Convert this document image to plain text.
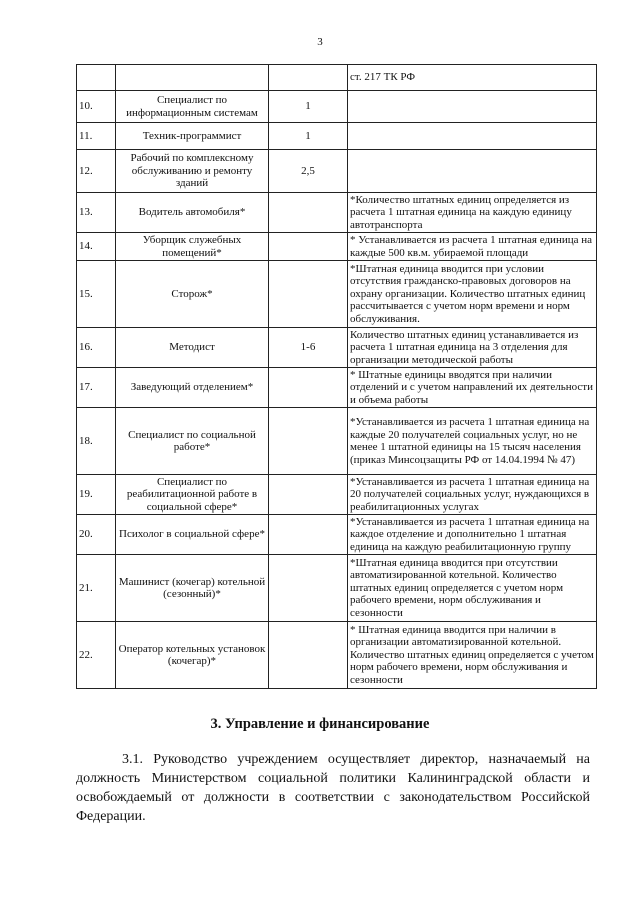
3
			ст. 217 ТК РФ
10.	Специалист по информационным системам	1	
11.	Техник-программист	1	
12.	Рабочий по комплексному обслуживанию и ремонту зданий	2,5	
13.	Водитель автомобиля*		*Количество штатных единиц определяется из расчета 1 штатная единица на каждую единицу автотранспорта
14.	Уборщик служебных помещений*		* Устанавливается из расчета 1 штатная единица на каждые 500 кв.м. убираемой площади
15.	Сторож*		*Штатная единица вводится при условии отсутствия гражданско-правовых договоров на охрану организации. Количество штатных единиц рассчитывается с учетом норм времени и норм обслуживания.
16.	Методист	1-6	Количество штатных единиц устанавливается из расчета 1 штатная единица на 3 отделения для организации методической работы
17.	Заведующий отделением*		* Штатные единицы вводятся при наличии отделений и с учетом направлений их деятельности и объема работы
18.	Специалист по социальной работе*		*Устанавливается из расчета 1 штатная единица на каждые 20 получателей социальных услуг, но не менее 1 штатной единицы на 15 тысяч населения (приказ Минсоцзащиты РФ от 14.04.1994 № 47)
19.	Специалист по реабилитационной работе в социальной сфере*		*Устанавливается из расчета 1 штатная единица на 20 получателей социальных услуг, нуждающихся в реабилитационных услугах
20.	Психолог в социальной сфере*		*Устанавливается из расчета 1 штатная единица на каждое отделение и дополнительно 1 штатная единица на каждую реабилитационную группу
21.	Машинист (кочегар) котельной (сезонный)*		*Штатная единица вводится при отсутствии автоматизированной котельной. Количество штатных единиц определяется с учетом норм рабочего времени, норм обслуживания и сезонности
22.	Оператор котельных установок (кочегар)*		* Штатная единица вводится при наличии в организации автоматизированной котельной. Количество штатных единиц определяется с учетом норм рабочего времени, норм обслуживания и сезонности
3. Управление и финансирование
3.1. Руководство учреждением осуществляет директор, назначаемый на должность Министерством социальной политики Калининградской области и освобождаемый от должности в соответствии с законодательством Российской Федерации.
